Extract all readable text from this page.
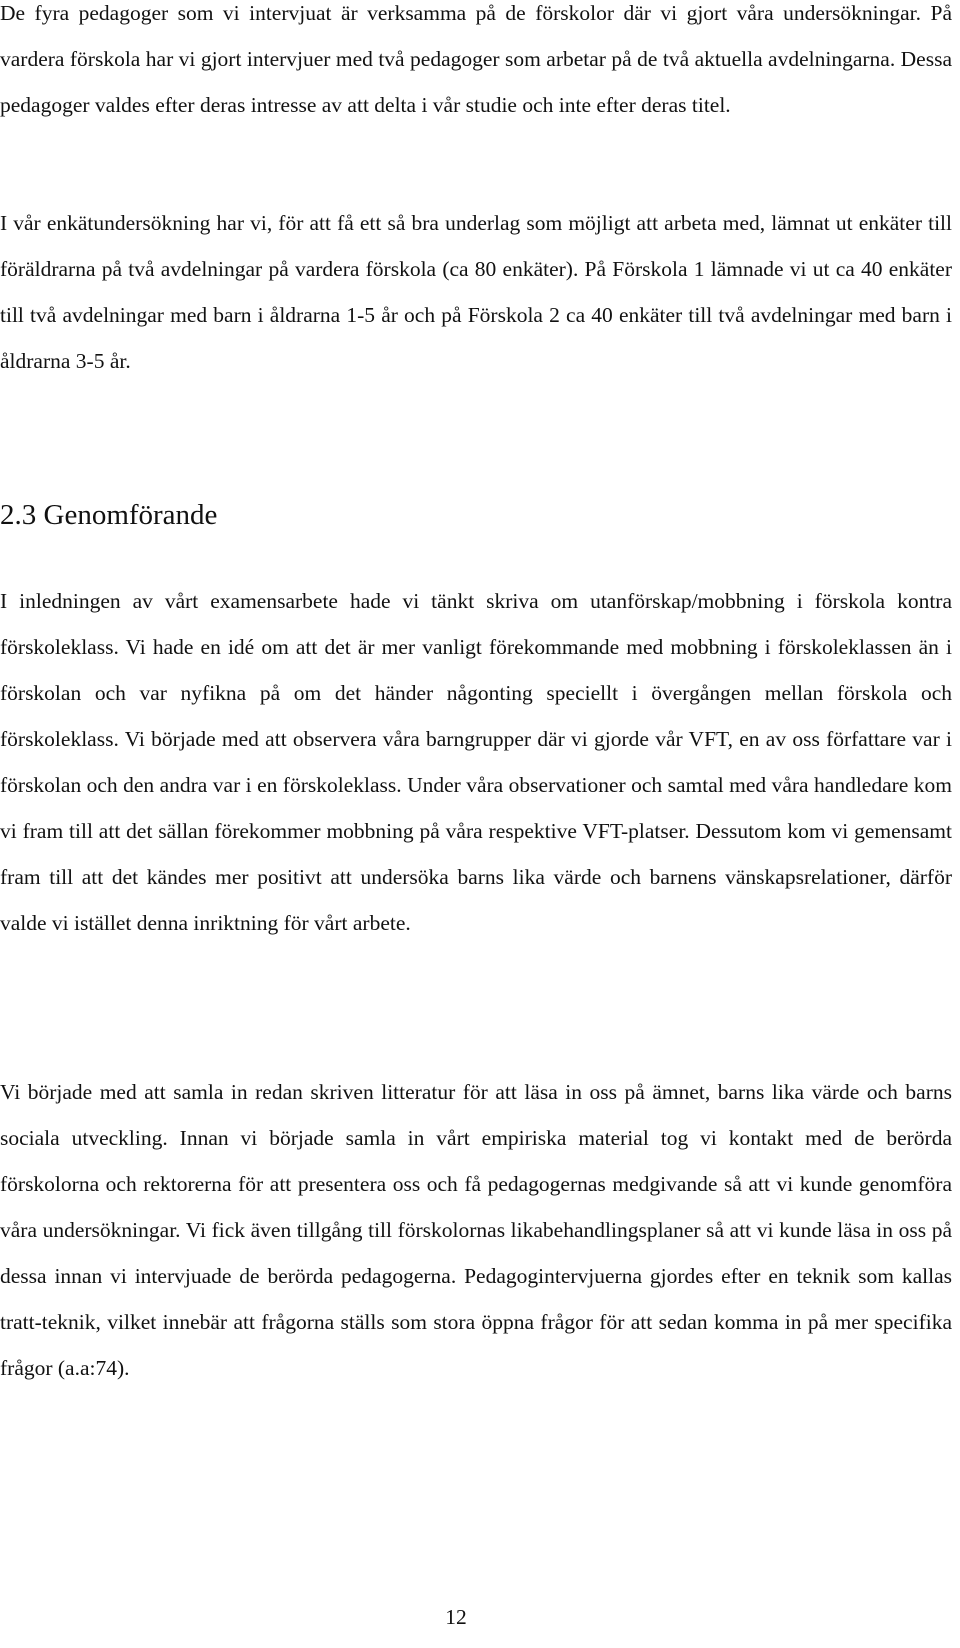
De fyra pedagoger som vi intervjuat är verksamma på de förskolor där vi gjort våra undersökningar. På vardera förskola har vi gjort intervjuer med två pedagoger som arbetar på de två aktuella avdelningarna. Dessa pedagoger valdes efter deras intresse av att delta i vår studie och inte efter deras titel.

I vår enkätundersökning har vi, för att få ett så bra underlag som möjligt att arbeta med, lämnat ut enkäter till föräldrarna på två avdelningar på vardera förskola (ca 80 enkäter). På Förskola 1 lämnade vi ut ca 40 enkäter till två avdelningar med barn i åldrarna 1-5 år och på Förskola 2 ca 40 enkäter till två avdelningar med barn i åldrarna 3-5 år.

2.3 Genomförande

I inledningen av vårt examensarbete hade vi tänkt skriva om utanförskap/mobbning i förskola kontra förskoleklass. Vi hade en idé om att det är mer vanligt förekommande med mobbning i förskoleklassen än i förskolan och var nyfikna på om det händer någonting speciellt i övergången mellan förskola och förskoleklass. Vi började med att observera våra barngrupper där vi gjorde vår VFT, en av oss författare var i förskolan och den andra var i en förskoleklass. Under våra observationer och samtal med våra handledare kom vi fram till att det sällan förekommer mobbning på våra respektive VFT-platser. Dessutom kom vi gemensamt fram till att det kändes mer positivt att undersöka barns lika värde och barnens vänskapsrelationer, därför valde vi istället denna inriktning för vårt arbete.

Vi började med att samla in redan skriven litteratur för att läsa in oss på ämnet, barns lika värde och barns sociala utveckling. Innan vi började samla in vårt empiriska material tog vi kontakt med de berörda förskolorna och rektorerna för att presentera oss och få pedagogernas medgivande så att vi kunde genomföra våra undersökningar. Vi fick även tillgång till förskolornas likabehandlingsplaner så att vi kunde läsa in oss på dessa innan vi intervjuade de berörda pedagogerna. Pedagogintervjuerna gjordes efter en teknik som kallas tratt-teknik, vilket innebär att frågorna ställs som stora öppna frågor för att sedan komma in på mer specifika frågor (a.a:74).

12
